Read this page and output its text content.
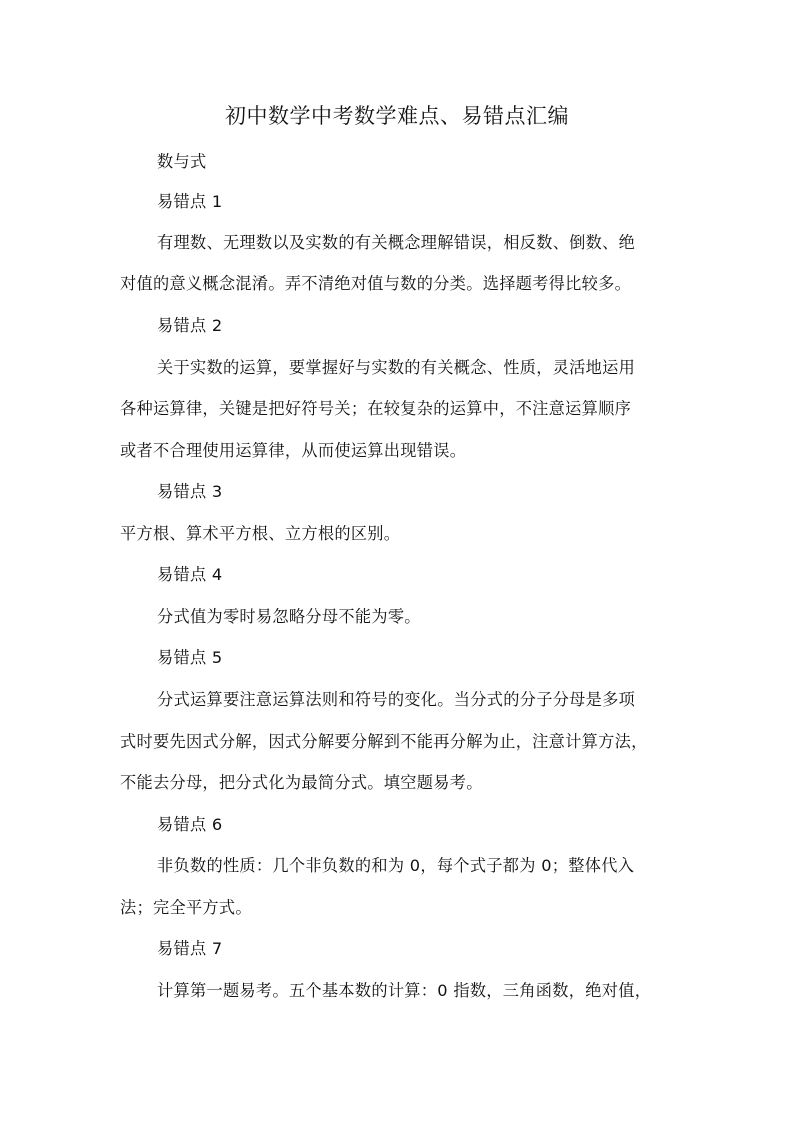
初中数学中考数学难点、易错点汇编
数与式
易错点 1
有理数、无理数以及实数的有关概念理解错误，相反数、倒数、绝
对值的意义概念混淆。弄不清绝对值与数的分类。选择题考得比较多。
易错点 2
关于实数的运算，要掌握好与实数的有关概念、性质，灵活地运用
各种运算律，关键是把好符号关；在较复杂的运算中，不注意运算顺序
或者不合理使用运算律，从而使运算出现错误。
易错点 3
平方根、算术平方根、立方根的区别。
易错点 4
分式值为零时易忽略分母不能为零。
易错点 5
分式运算要注意运算法则和符号的变化。当分式的分子分母是多项
式时要先因式分解，因式分解要分解到不能再分解为止，注意计算方法，
不能去分母，把分式化为最简分式。填空题易考。
易错点 6
非负数的性质：几个非负数的和为 0，每个式子都为 0；整体代入
法；完全平方式。
易错点 7
计算第一题易考。五个基本数的计算：0 指数，三角函数，绝对值，
